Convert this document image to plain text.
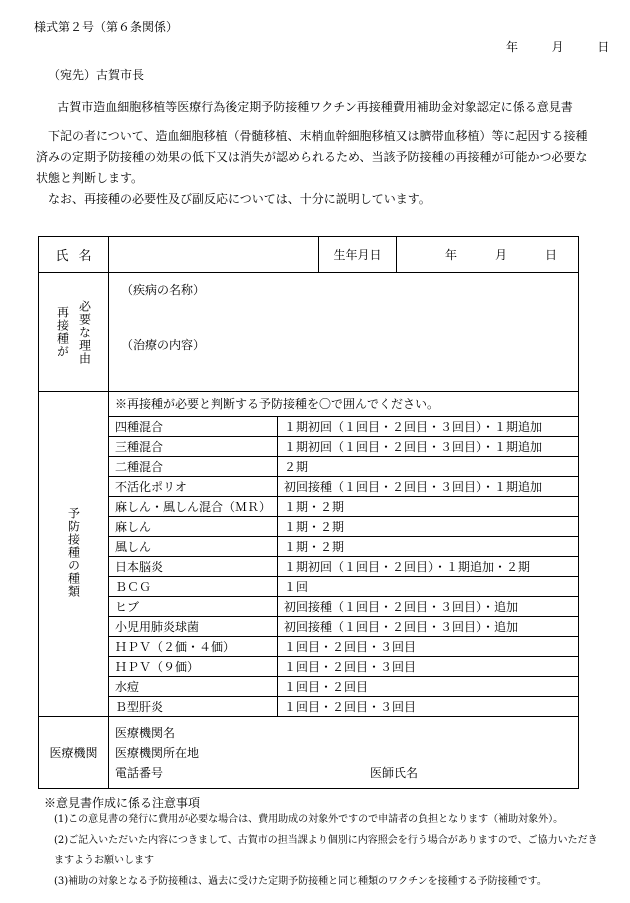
様式第２号（第６条関係）
年	月	日
（宛先）古賀市長
古賀市造血細胞移植等医療行為後定期予防接種ワクチン再接種費用補助金対象認定に係る意見書

下記の者について、造血細胞移植（骨髄移植、末梢血幹細胞移植又は臍帯血移植）等に起因する接種済みの定期予防接種の効果の低下又は消失が認められるため、当該予防接種の再接種が可能かつ必要な状態と判断します。

なお、再接種の必要性及び副反応については、十分に説明しています。

氏名		生年月日	年	月	日

再接種が 必要な理由

（疾病の名称）
（治療の内容）

予防接種の種類	
※再接種が必要と判断する予防接種を〇で囲んでください。
四種混合	１期初回（１回目・２回目・３回目）・１期追加
三種混合	１期初回（１回目・２回目・３回目）・１期追加
二種混合	２期
不活化ポリオ	初回接種（１回目・２回目・３回目）・１期追加
麻しん・風しん混合（ＭＲ）	１期・２期
麻しん	１期・２期
風しん	１期・２期
日本脳炎	１期初回（１回目・２回目）・１期追加・２期
ＢＣＧ	１回
ヒブ	初回接種（１回目・２回目・３回目）・追加
小児用肺炎球菌	初回接種（１回目・２回目・３回目）・追加
ＨＰＶ（２価・４価）	１回目・２回目・３回目
ＨＰＶ（９価）	１回目・２回目・３回目
水痘	１回目・２回目
Ｂ型肝炎	１回目・２回目・３回目

医療機関	
医療機関名
医療機関所在地
電話番号	医師氏名
※意見書作成に係る注意事項
(1)この意見書の発行に費用が必要な場合は、費用助成の対象外ですので申請者の負担となります（補助対象外）。
(2)ご記入いただいた内容につきまして、古賀市の担当課より個別に内容照会を行う場合がありますので、ご協力いただきますようお願いします
(3)補助の対象となる予防接種は、過去に受けた定期予防接種と同じ種類のワクチンを接種する予防接種です。
